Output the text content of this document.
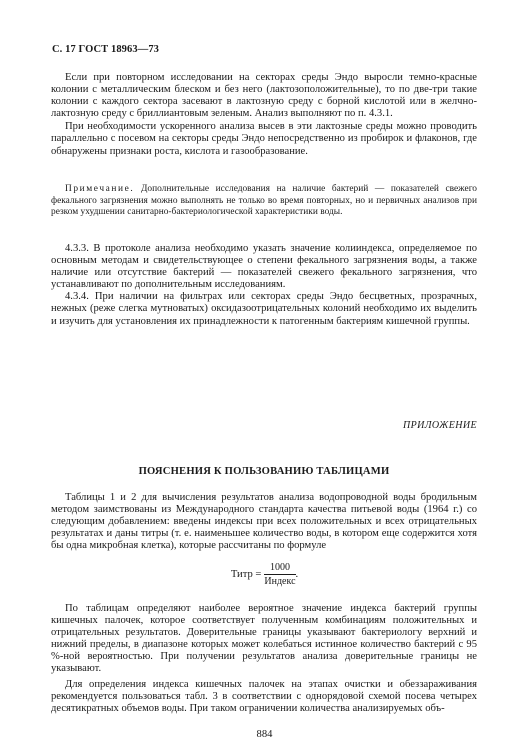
С. 17 ГОСТ 18963—73

Если при повторном исследовании на секторах среды Эндо выросли темно-красные колонии с металлическим блеском и без него (лактозоположительные), то по две-три такие колонии с каждого сектора засевают в лактозную среду с борной кислотой или в желчно-лактозную среду с бриллиантовым зеленым. Анализ выполняют по п. 4.3.1.

При необходимости ускоренного анализа высев в эти лактозные среды можно проводить параллельно с посевом на секторы среды Эндо непосредственно из пробирок и флаконов, где обнаружены признаки роста, кислота и газообразование.

Примечание. Дополнительные исследования на наличие бактерий — показателей свежего фекального загрязнения можно выполнять не только во время повторных, но и первичных анализов при резком ухудшении санитарно-бактериологической характеристики воды.

4.3.3. В протоколе анализа необходимо указать значение колииндекса, определяемое по основным методам и свидетельствующее о степени фекального загрязнения воды, а также наличие или отсутствие бактерий — показателей свежего фекального загрязнения, что устанавливают по дополнительным исследованиям.

4.3.4. При наличии на фильтрах или секторах среды Эндо бесцветных, прозрачных, нежных (реже слегка мутноватых) оксидазоотрицательных колоний необходимо их выделить и изучить для установления их принадлежности к патогенным бактериям кишечной группы.

ПРИЛОЖЕНИЕ
ПОЯСНЕНИЯ К ПОЛЬЗОВАНИЮ ТАБЛИЦАМИ

Таблицы 1 и 2 для вычисления результатов анализа водопроводной воды бродильным методом заимствованы из Международного стандарта качества питьевой воды (1964 г.) со следующим добавлением: введены индексы при всех положительных и всех отрицательных результатах и даны титры (т. е. наименьшее количество воды, в котором еще содержится хотя бы одна микробная клетка), которые рассчитаны по формуле

Титр = $\frac{1000}{\text{Индекс}}$ .

По таблицам определяют наиболее вероятное значение индекса бактерий группы кишечных палочек, которое соответствует полученным комбинациям положительных и отрицательных результатов. Доверительные границы указывают бактериологу верхний и нижний пределы, в диапазоне которых может колебаться истинное количество бактерий с 95 %-ной вероятностью. При получении результатов анализа доверительные границы не указывают.

Для определения индекса кишечных палочек на этапах очистки и обеззараживания рекомендуется пользоваться табл. 3 в соответствии с однорядовой схемой посева четырех десятикратных объемов воды. При таком ограничении количества анализируемых объ-

884
